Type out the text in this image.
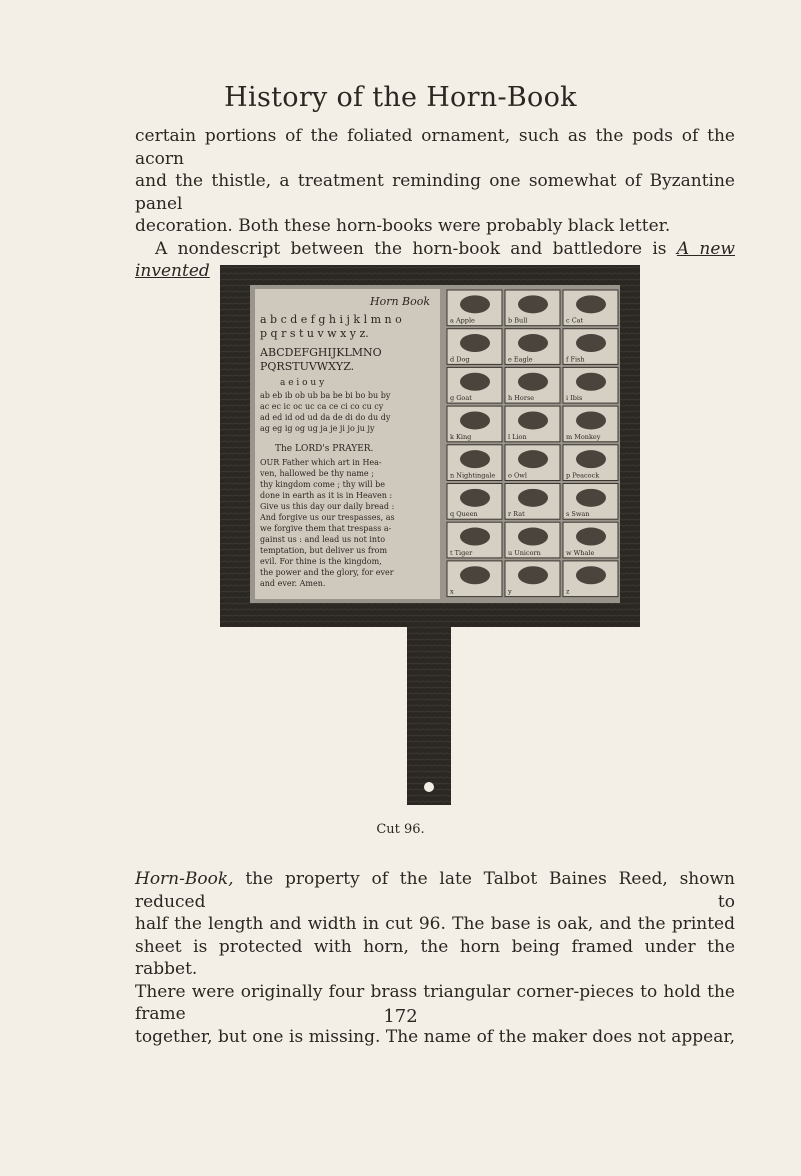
History of the Horn-Book
certain portions of the foliated ornament, such as the pods of the acorn
and the thistle, a treatment reminding one somewhat of Byzantine panel
decoration. Both these horn-books were probably black letter.
A nondescript between the horn-book and battledore is A new invented
Horn Book
a b c d e f g h i j k l m n o
p q r s t u v w x y z.
ABCDEFGHIJKLMNO
PQRSTUVWXYZ.
a e i o u y
ab eb ib ob ub ba be bi bo bu by
ac ec ic oc uc ca ce ci co cu cy
ad ed id od ud da de di do du dy
ag eg ig og ug ja je ji jo ju jy
The LORD's PRAYER.
OUR Father which art in Hea-
ven, hallowed be thy name ;
thy kingdom come ; thy will be
done in earth as it is in Heaven :
Give us this day our daily bread :
And forgive us our trespasses, as
we forgive them that trespass a-
gainst us : and lead us not into
temptation, but deliver us from
evil. For thine is the kingdom,
the power and the glory, for ever
and ever. Amen.
a Apple	b Bull	c Cat
d Dog	e Eagle	f Fish
g Goat	h Horse	i Ibis
k King	l Lion	m Monkey
n Nightingale o Owl	p Peacock
q Queen	r Rat	s Swan
t Tiger	u Unicorn	w Whale
x	y	z
Cut 96.
Horn-Book, the property of the late Talbot Baines Reed, shown reduced to
half the length and width in cut 96. The base is oak, and the printed
sheet is protected with horn, the horn being framed under the rabbet.
There were originally four brass triangular corner-pieces to hold the frame
together, but one is missing. The name of the maker does not appear,
172
